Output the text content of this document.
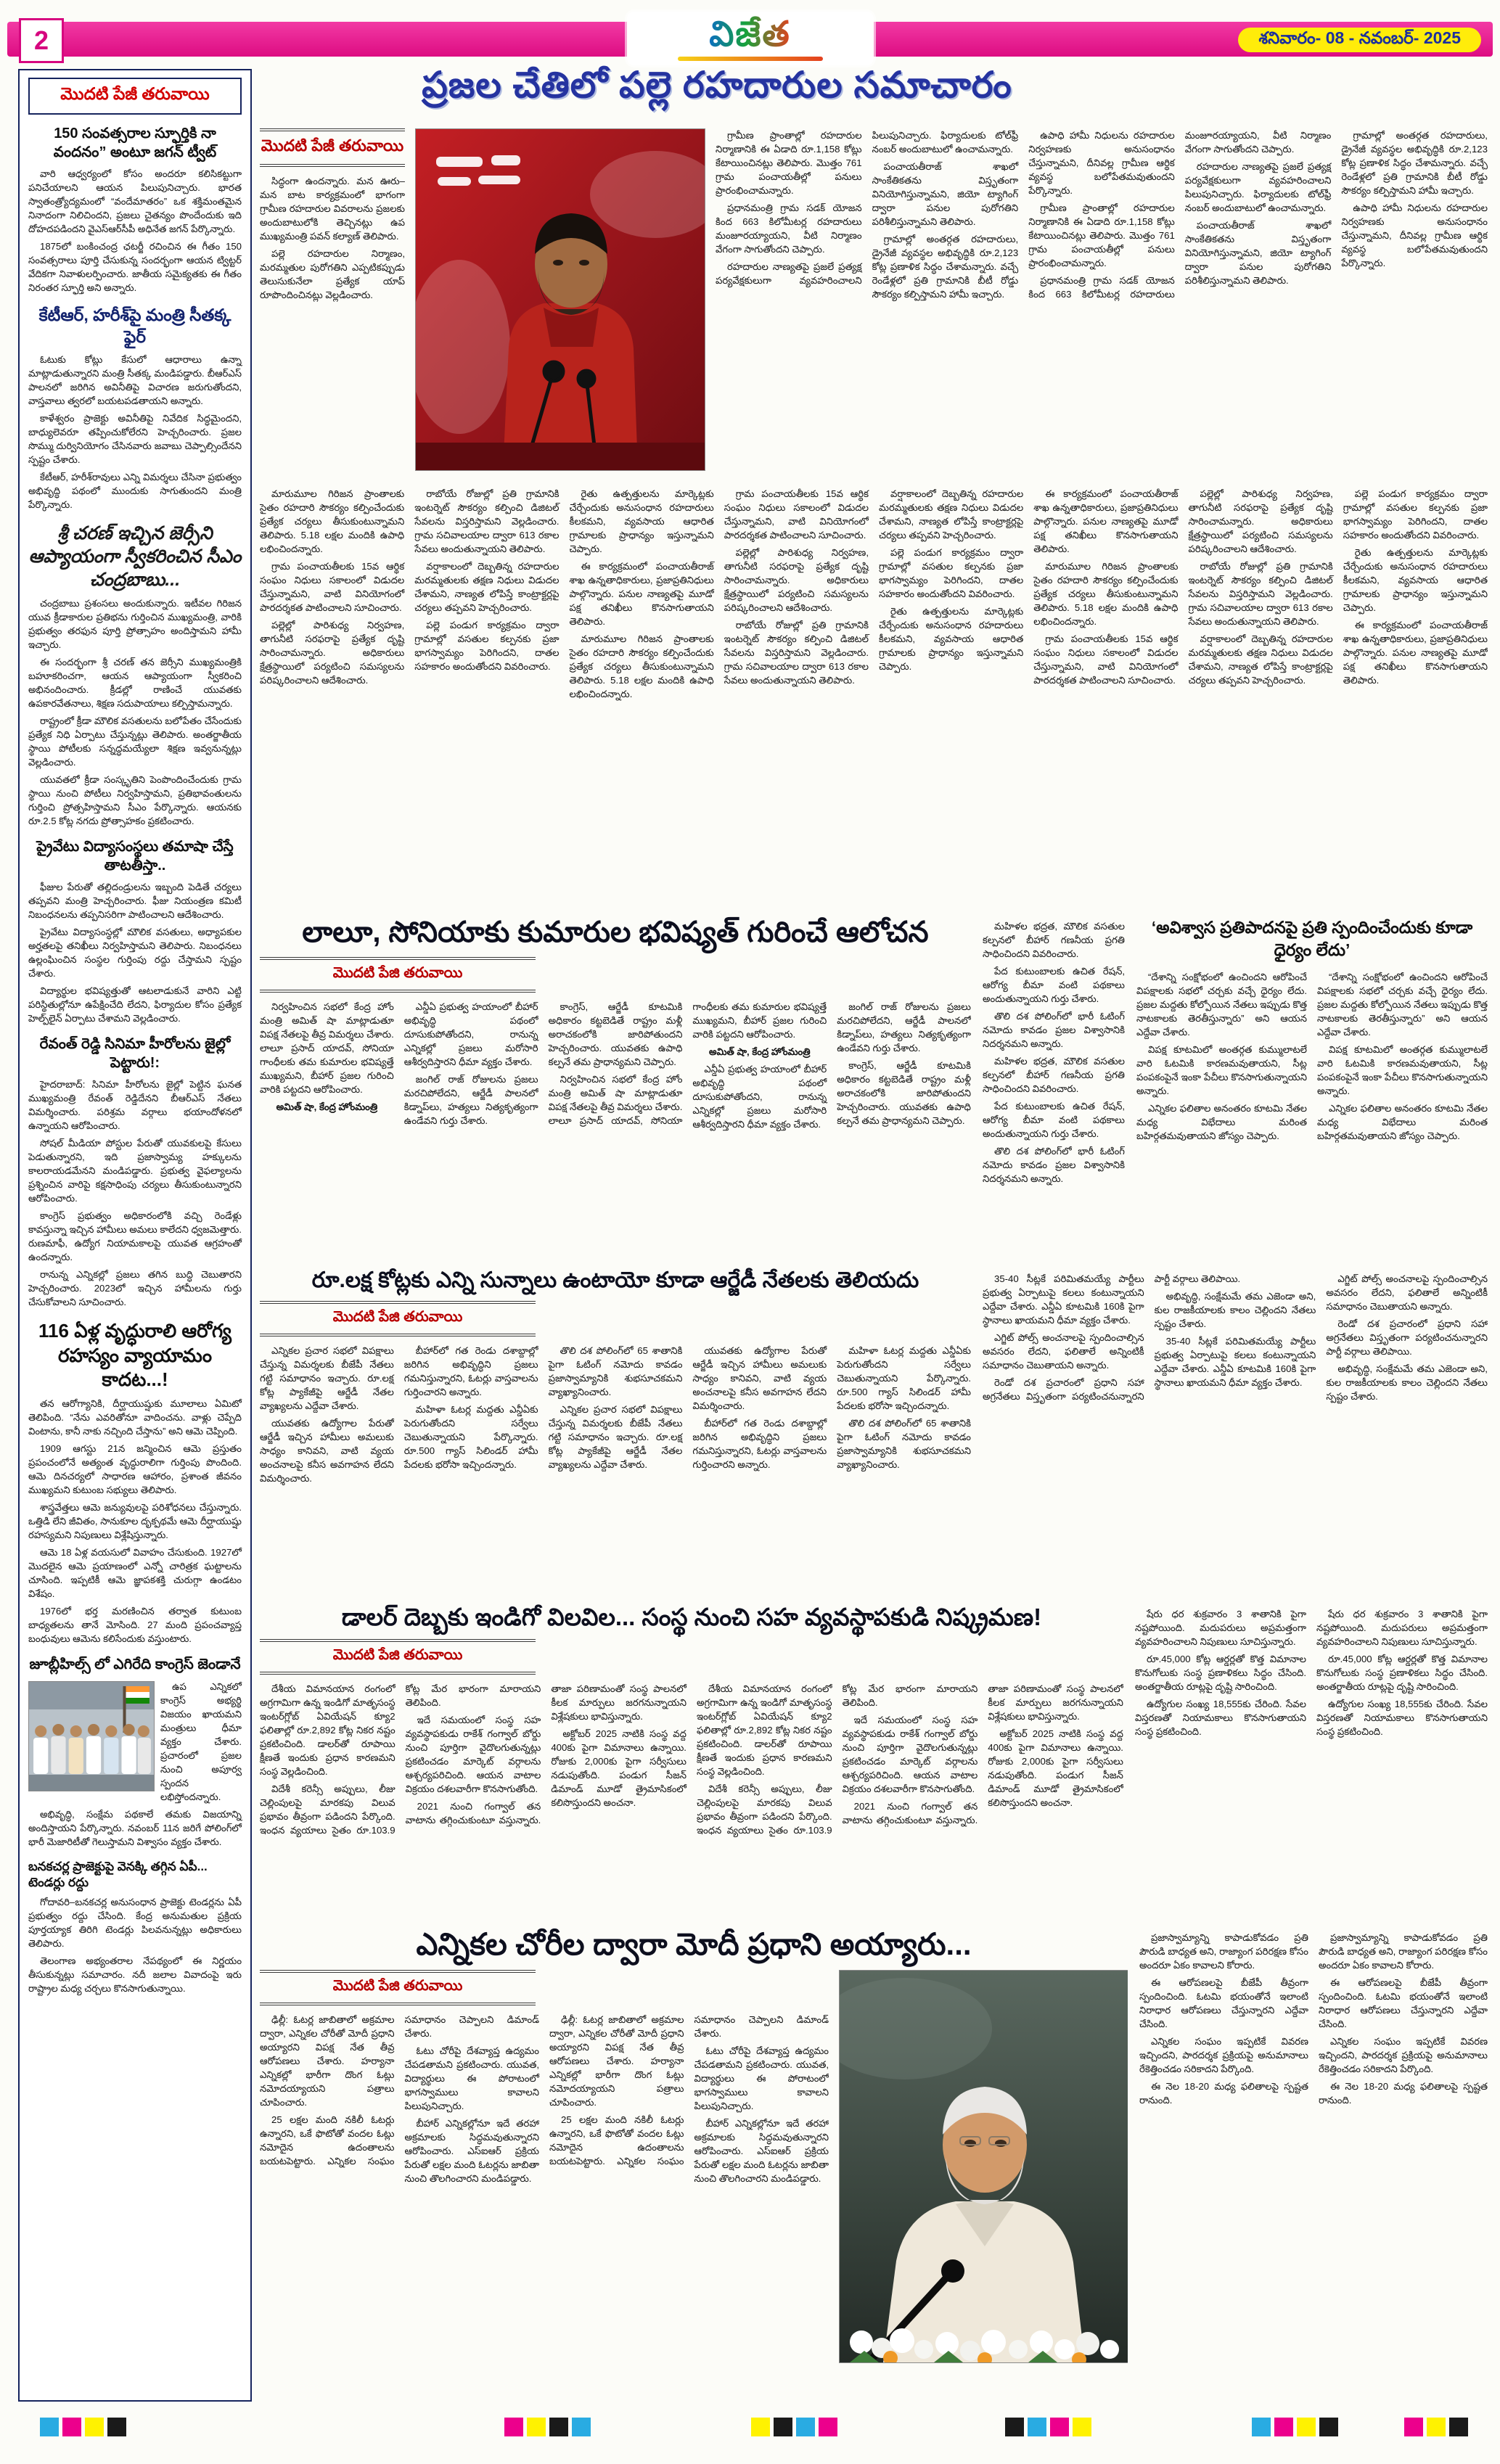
2	విజేత	శనివారం- 08 - నవంబర్- 2025
మొదటి పేజీ తరువాయి
150 సంవత్సరాల స్ఫూర్తికి నా వందనం” అంటూ జగన్ ట్వీట్

వారి ఆధ్వర్యంలో కోసం అందరూ కలిసికట్టుగా పనిచేయాలని ఆయన పిలుపునిచ్చారు. భారత స్వాతంత్ర్యోద్యమంలో “వందేమాతరం” ఒక శక్తిమంతమైన నినాదంగా నిలిచిందని, ప్రజలు చైతన్యం పొందేందుకు ఇది దోహదపడిందని వైఎస్ఆర్‌సీపీ అధినేత జగన్ పేర్కొన్నారు.

1875లో బంకించంద్ర ఛటర్జీ రచించిన ఈ గీతం 150 సంవత్సరాలు పూర్తి చేసుకున్న సందర్భంగా ఆయన ట్విట్టర్ వేదికగా నివాళులర్పించారు. జాతీయ సమైక్యతకు ఈ గీతం నిరంతర స్ఫూర్తి అని అన్నారు.

కేటీఆర్, హరీశ్‌పై మంత్రి సీతక్క ఫైర్

ఓటుకు కోట్లు కేసులో ఆధారాలు ఉన్నా మాట్లాడుతున్నారని మంత్రి సీతక్క మండిపడ్డారు. బీఆర్ఎస్ పాలనలో జరిగిన అవినీతిపై విచారణ జరుగుతోందని, వాస్తవాలు త్వరలో బయటపడతాయని అన్నారు.

కాళేశ్వరం ప్రాజెక్టు అవినీతిపై నివేదిక సిద్ధమైందని, బాధ్యులెవరూ తప్పించుకోలేరని హెచ్చరించారు. ప్రజల సొమ్ము దుర్వినియోగం చేసినవారు జవాబు చెప్పాల్సిందేనని స్పష్టం చేశారు.

కేటీఆర్, హరీశ్‌రావులు ఎన్ని విమర్శలు చేసినా ప్రభుత్వం అభివృద్ధి పథంలో ముందుకు సాగుతుందని మంత్రి పేర్కొన్నారు.

శ్రీ చరణ్ ఇచ్చిన జెర్సీని ఆప్యాయంగా స్వీకరించిన సీఎం చంద్రబాబు...

చంద్రబాబు ప్రశంసలు అందుకున్నారు. ఇటీవల గిరిజన యువ క్రీడాకారుల ప్రతిభను గుర్తించిన ముఖ్యమంత్రి, వారికి ప్రభుత్వం తరఫున పూర్తి ప్రోత్సాహం అందిస్తామని హామీ ఇచ్చారు.

ఈ సందర్భంగా శ్రీ చరణ్ తన జెర్సీని ముఖ్యమంత్రికి బహూకరించగా, ఆయన ఆప్యాయంగా స్వీకరించి అభినందించారు. క్రీడల్లో రాణించే యువతకు ఉపకారవేతనాలు, శిక్షణ సదుపాయాలు కల్పిస్తామన్నారు.

రాష్ట్రంలో క్రీడా మౌలిక వసతులను బలోపేతం చేసేందుకు ప్రత్యేక నిధి ఏర్పాటు చేస్తున్నట్లు తెలిపారు. అంతర్జాతీయ స్థాయి పోటీలకు సన్నద్ధమయ్యేలా శిక్షణ ఇవ్వనున్నట్లు వెల్లడించారు.

యువతలో క్రీడా సంస్కృతిని పెంపొందించేందుకు గ్రామ స్థాయి నుంచి పోటీలు నిర్వహిస్తామని, ప్రతిభావంతులను గుర్తించి ప్రోత్సహిస్తామని సీఎం పేర్కొన్నారు. ఆయనకు రూ.2.5 కోట్ల నగదు ప్రోత్సాహకం ప్రకటించారు.

ప్రైవేటు విద్యాసంస్థలు తమాషా చేస్తే తాటతీస్తా..

ఫీజుల పేరుతో తల్లిదండ్రులను ఇబ్బంది పెడితే చర్యలు తప్పవని మంత్రి హెచ్చరించారు. ఫీజు నియంత్రణ కమిటీ నిబంధనలను తప్పనిసరిగా పాటించాలని ఆదేశించారు.

ప్రైవేటు విద్యాసంస్థల్లో మౌలిక వసతులు, అధ్యాపకుల అర్హతలపై తనిఖీలు నిర్వహిస్తామని తెలిపారు. నిబంధనలు ఉల్లంఘించిన సంస్థల గుర్తింపు రద్దు చేస్తామని స్పష్టం చేశారు.

విద్యార్థుల భవిష్యత్తుతో ఆటలాడుకునే వారిని ఎట్టి పరిస్థితుల్లోనూ ఉపేక్షించేది లేదని, ఫిర్యాదుల కోసం ప్రత్యేక హెల్ప్‌లైన్ ఏర్పాటు చేశామని వెల్లడించారు.

రేవంత్ రెడ్డి సినిమా హీరోలను జైల్లో పెట్టారు!:

హైదరాబాద్: సినిమా హీరోలను జైల్లో పెట్టిన ఘనత ముఖ్యమంత్రి రేవంత్ రెడ్డిదేనని బీఆర్ఎస్ నేతలు విమర్శించారు. పరిశ్రమ వర్గాలు భయాందోళనలో ఉన్నాయని ఆరోపించారు.

సోషల్ మీడియా పోస్టుల పేరుతో యువకులపై కేసులు పెడుతున్నారని, ఇది ప్రజాస్వామ్య హక్కులను కాలరాయడమేనని మండిపడ్డారు. ప్రభుత్వ వైఫల్యాలను ప్రశ్నించిన వారిపై కక్షసాధింపు చర్యలు తీసుకుంటున్నారని ఆరోపించారు.

కాంగ్రెస్ ప్రభుత్వం అధికారంలోకి వచ్చి రెండేళ్లు కావస్తున్నా ఇచ్చిన హామీలు అమలు కాలేదని ధ్వజమెత్తారు. రుణమాఫీ, ఉద్యోగ నియామకాలపై యువత ఆగ్రహంతో ఉందన్నారు.

రానున్న ఎన్నికల్లో ప్రజలు తగిన బుద్ధి చెబుతారని హెచ్చరించారు. 2023లో ఇచ్చిన హామీలను గుర్తు చేసుకోవాలని సూచించారు.

116 ఏళ్ల వృద్ధురాలి ఆరోగ్య రహస్యం వ్యాయామం కాదట...!

తన ఆరోగ్యానికి, దీర్ఘాయుష్షుకు మూలాలు ఏమిటో తెలిపింది. “నేను ఎవరితోనూ వాదించను. వాళ్లు చెప్పేది వింటాను, కానీ నాకు నచ్చింది చేస్తాను” అని ఆమె చెప్పింది.

1909 ఆగస్టు 21న జన్మించిన ఆమె ప్రస్తుతం ప్రపంచంలోనే అత్యంత వృద్ధురాలిగా గుర్తింపు పొందింది. ఆమె దినచర్యలో సాధారణ ఆహారం, ప్రశాంత జీవనం ముఖ్యమని కుటుంబ సభ్యులు తెలిపారు.

శాస్త్రవేత్తలు ఆమె జన్యువులపై పరిశోధనలు చేస్తున్నారు. ఒత్తిడి లేని జీవితం, సానుకూల దృక్పథమే ఆమె దీర్ఘాయుష్షు రహస్యమని నిపుణులు విశ్లేషిస్తున్నారు.

ఆమె 18 ఏళ్ల వయసులో వివాహం చేసుకుంది. 1927లో మొదలైన ఆమె ప్రయాణంలో ఎన్నో చారిత్రక ఘట్టాలను చూసింది. ఇప్పటికీ ఆమె జ్ఞాపకశక్తి చురుగ్గా ఉండటం విశేషం.

1976లో భర్త మరణించిన తర్వాత కుటుంబ బాధ్యతలను తానే మోసింది. 27 మంది ప్రపంచవ్యాప్త బంధువులు ఆమెను కలిసేందుకు వస్తుంటారు.

జూబ్లీహిల్స్ లో ఎగిరేది కాంగ్రెస్ జెండానే

ఉప ఎన్నికలో కాంగ్రెస్ అభ్యర్థి విజయం ఖాయమని మంత్రులు ధీమా వ్యక్తం చేశారు. ప్రచారంలో ప్రజల నుంచి అపూర్వ స్పందన లభిస్తోందన్నారు.

అభివృద్ధి, సంక్షేమ పథకాలే తమకు విజయాన్ని అందిస్తాయని పేర్కొన్నారు. నవంబర్ 11న జరిగే పోలింగ్‌లో భారీ మెజారిటీతో గెలుస్తామని విశ్వాసం వ్యక్తం చేశారు.

బనకచర్ల ప్రాజెక్టుపై వెనక్కి తగ్గిన ఏపీ... టెండర్లు రద్దు

గోదావరి–బనకచర్ల అనుసంధాన ప్రాజెక్టు టెండర్లను ఏపీ ప్రభుత్వం రద్దు చేసింది. కేంద్ర అనుమతుల ప్రక్రియ పూర్తయ్యాక తిరిగి టెండర్లు పిలవనున్నట్లు అధికారులు తెలిపారు.

తెలంగాణ అభ్యంతరాల నేపథ్యంలో ఈ నిర్ణయం తీసుకున్నట్లు సమాచారం. నదీ జలాల వివాదంపై ఇరు రాష్ట్రాల మధ్య చర్చలు కొనసాగుతున్నాయి.

ప్రజల చేతిలో పల్లె రహదారుల సమాచారం
మొదటి పేజీ తరువాయి

సిద్ధంగా ఉందన్నారు. మన ఊరు–మన బాట కార్యక్రమంలో భాగంగా గ్రామీణ రహదారుల వివరాలను ప్రజలకు అందుబాటులోకి తెచ్చినట్లు ఉప ముఖ్యమంత్రి పవన్ కల్యాణ్ తెలిపారు.

పల్లె రహదారుల నిర్మాణం, మరమ్మతుల పురోగతిని ఎప్పటికప్పుడు తెలుసుకునేలా ప్రత్యేక యాప్ రూపొందించినట్లు వెల్లడించారు.

గ్రామీణ ప్రాంతాల్లో రహదారుల నిర్మాణానికి ఈ ఏడాది రూ.1,158 కోట్లు కేటాయించినట్లు తెలిపారు. మొత్తం 761 గ్రామ పంచాయతీల్లో పనులు ప్రారంభించామన్నారు.

ప్రధానమంత్రి గ్రామ సడక్ యోజన కింద 663 కిలోమీటర్ల రహదారులు మంజూరయ్యాయని, వీటి నిర్మాణం వేగంగా సాగుతోందని చెప్పారు.

రహదారుల నాణ్యతపై ప్రజలే ప్రత్యక్ష పర్యవేక్షకులుగా వ్యవహరించాలని పిలుపునిచ్చారు. ఫిర్యాదులకు టోల్‌ఫ్రీ నంబర్ అందుబాటులో ఉంచామన్నారు.

పంచాయతీరాజ్ శాఖలో సాంకేతికతను విస్తృతంగా వినియోగిస్తున్నామని, జియో ట్యాగింగ్ ద్వారా పనుల పురోగతిని పరిశీలిస్తున్నామని తెలిపారు.

గ్రామాల్లో అంతర్గత రహదారులు, డ్రైనేజీ వ్యవస్థల అభివృద్ధికి రూ.2,123 కోట్ల ప్రణాళిక సిద్ధం చేశామన్నారు. వచ్చే రెండేళ్లలో ప్రతి గ్రామానికి బీటీ రోడ్డు సౌకర్యం కల్పిస్తామని హామీ ఇచ్చారు.

ఉపాధి హామీ నిధులను రహదారుల నిర్వహణకు అనుసంధానం చేస్తున్నామని, దీనివల్ల గ్రామీణ ఆర్థిక వ్యవస్థ బలోపేతమవుతుందని పేర్కొన్నారు.

గ్రామీణ ప్రాంతాల్లో రహదారుల నిర్మాణానికి ఈ ఏడాది రూ.1,158 కోట్లు కేటాయించినట్లు తెలిపారు. మొత్తం 761 గ్రామ పంచాయతీల్లో పనులు ప్రారంభించామన్నారు.

ప్రధానమంత్రి గ్రామ సడక్ యోజన కింద 663 కిలోమీటర్ల రహదారులు మంజూరయ్యాయని, వీటి నిర్మాణం వేగంగా సాగుతోందని చెప్పారు.

రహదారుల నాణ్యతపై ప్రజలే ప్రత్యక్ష పర్యవేక్షకులుగా వ్యవహరించాలని పిలుపునిచ్చారు. ఫిర్యాదులకు టోల్‌ఫ్రీ నంబర్ అందుబాటులో ఉంచామన్నారు.

పంచాయతీరాజ్ శాఖలో సాంకేతికతను విస్తృతంగా వినియోగిస్తున్నామని, జియో ట్యాగింగ్ ద్వారా పనుల పురోగతిని పరిశీలిస్తున్నామని తెలిపారు.

గ్రామాల్లో అంతర్గత రహదారులు, డ్రైనేజీ వ్యవస్థల అభివృద్ధికి రూ.2,123 కోట్ల ప్రణాళిక సిద్ధం చేశామన్నారు. వచ్చే రెండేళ్లలో ప్రతి గ్రామానికి బీటీ రోడ్డు సౌకర్యం కల్పిస్తామని హామీ ఇచ్చారు.

ఉపాధి హామీ నిధులను రహదారుల నిర్వహణకు అనుసంధానం చేస్తున్నామని, దీనివల్ల గ్రామీణ ఆర్థిక వ్యవస్థ బలోపేతమవుతుందని పేర్కొన్నారు.

మారుమూల గిరిజన ప్రాంతాలకు సైతం రహదారి సౌకర్యం కల్పించేందుకు ప్రత్యేక చర్యలు తీసుకుంటున్నామని తెలిపారు. 5.18 లక్షల మందికి ఉపాధి లభించిందన్నారు.

గ్రామ పంచాయతీలకు 15వ ఆర్థిక సంఘం నిధులు సకాలంలో విడుదల చేస్తున్నామని, వాటి వినియోగంలో పారదర్శకత పాటించాలని సూచించారు.

పల్లెల్లో పారిశుధ్య నిర్వహణ, తాగునీటి సరఫరాపై ప్రత్యేక దృష్టి సారించామన్నారు. అధికారులు క్షేత్రస్థాయిలో పర్యటించి సమస్యలను పరిష్కరించాలని ఆదేశించారు.

రాబోయే రోజుల్లో ప్రతి గ్రామానికి ఇంటర్నెట్ సౌకర్యం కల్పించి డిజిటల్ సేవలను విస్తరిస్తామని వెల్లడించారు. గ్రామ సచివాలయాల ద్వారా 613 రకాల సేవలు అందుతున్నాయని తెలిపారు.

వర్షాకాలంలో దెబ్బతిన్న రహదారుల మరమ్మతులకు తక్షణ నిధులు విడుదల చేశామని, నాణ్యత లోపిస్తే కాంట్రాక్టర్లపై చర్యలు తప్పవని హెచ్చరించారు.

పల్లె పండుగ కార్యక్రమం ద్వారా గ్రామాల్లో వసతుల కల్పనకు ప్రజా భాగస్వామ్యం పెరిగిందని, దాతల సహకారం అందుతోందని వివరించారు.

రైతు ఉత్పత్తులను మార్కెట్లకు చేర్చేందుకు అనుసంధాన రహదారులు కీలకమని, వ్యవసాయ ఆధారిత గ్రామాలకు ప్రాధాన్యం ఇస్తున్నామని చెప్పారు.

ఈ కార్యక్రమంలో పంచాయతీరాజ్ శాఖ ఉన్నతాధికారులు, ప్రజాప్రతినిధులు పాల్గొన్నారు. పనుల నాణ్యతపై మూడో పక్ష తనిఖీలు కొనసాగుతాయని తెలిపారు.

మారుమూల గిరిజన ప్రాంతాలకు సైతం రహదారి సౌకర్యం కల్పించేందుకు ప్రత్యేక చర్యలు తీసుకుంటున్నామని తెలిపారు. 5.18 లక్షల మందికి ఉపాధి లభించిందన్నారు.

గ్రామ పంచాయతీలకు 15వ ఆర్థిక సంఘం నిధులు సకాలంలో విడుదల చేస్తున్నామని, వాటి వినియోగంలో పారదర్శకత పాటించాలని సూచించారు.

పల్లెల్లో పారిశుధ్య నిర్వహణ, తాగునీటి సరఫరాపై ప్రత్యేక దృష్టి సారించామన్నారు. అధికారులు క్షేత్రస్థాయిలో పర్యటించి సమస్యలను పరిష్కరించాలని ఆదేశించారు.

రాబోయే రోజుల్లో ప్రతి గ్రామానికి ఇంటర్నెట్ సౌకర్యం కల్పించి డిజిటల్ సేవలను విస్తరిస్తామని వెల్లడించారు. గ్రామ సచివాలయాల ద్వారా 613 రకాల సేవలు అందుతున్నాయని తెలిపారు.

వర్షాకాలంలో దెబ్బతిన్న రహదారుల మరమ్మతులకు తక్షణ నిధులు విడుదల చేశామని, నాణ్యత లోపిస్తే కాంట్రాక్టర్లపై చర్యలు తప్పవని హెచ్చరించారు.

పల్లె పండుగ కార్యక్రమం ద్వారా గ్రామాల్లో వసతుల కల్పనకు ప్రజా భాగస్వామ్యం పెరిగిందని, దాతల సహకారం అందుతోందని వివరించారు.

రైతు ఉత్పత్తులను మార్కెట్లకు చేర్చేందుకు అనుసంధాన రహదారులు కీలకమని, వ్యవసాయ ఆధారిత గ్రామాలకు ప్రాధాన్యం ఇస్తున్నామని చెప్పారు.

ఈ కార్యక్రమంలో పంచాయతీరాజ్ శాఖ ఉన్నతాధికారులు, ప్రజాప్రతినిధులు పాల్గొన్నారు. పనుల నాణ్యతపై మూడో పక్ష తనిఖీలు కొనసాగుతాయని తెలిపారు.

మారుమూల గిరిజన ప్రాంతాలకు సైతం రహదారి సౌకర్యం కల్పించేందుకు ప్రత్యేక చర్యలు తీసుకుంటున్నామని తెలిపారు. 5.18 లక్షల మందికి ఉపాధి లభించిందన్నారు.

గ్రామ పంచాయతీలకు 15వ ఆర్థిక సంఘం నిధులు సకాలంలో విడుదల చేస్తున్నామని, వాటి వినియోగంలో పారదర్శకత పాటించాలని సూచించారు.

పల్లెల్లో పారిశుధ్య నిర్వహణ, తాగునీటి సరఫరాపై ప్రత్యేక దృష్టి సారించామన్నారు. అధికారులు క్షేత్రస్థాయిలో పర్యటించి సమస్యలను పరిష్కరించాలని ఆదేశించారు.

రాబోయే రోజుల్లో ప్రతి గ్రామానికి ఇంటర్నెట్ సౌకర్యం కల్పించి డిజిటల్ సేవలను విస్తరిస్తామని వెల్లడించారు. గ్రామ సచివాలయాల ద్వారా 613 రకాల సేవలు అందుతున్నాయని తెలిపారు.

వర్షాకాలంలో దెబ్బతిన్న రహదారుల మరమ్మతులకు తక్షణ నిధులు విడుదల చేశామని, నాణ్యత లోపిస్తే కాంట్రాక్టర్లపై చర్యలు తప్పవని హెచ్చరించారు.

పల్లె పండుగ కార్యక్రమం ద్వారా గ్రామాల్లో వసతుల కల్పనకు ప్రజా భాగస్వామ్యం పెరిగిందని, దాతల సహకారం అందుతోందని వివరించారు.

రైతు ఉత్పత్తులను మార్కెట్లకు చేర్చేందుకు అనుసంధాన రహదారులు కీలకమని, వ్యవసాయ ఆధారిత గ్రామాలకు ప్రాధాన్యం ఇస్తున్నామని చెప్పారు.

ఈ కార్యక్రమంలో పంచాయతీరాజ్ శాఖ ఉన్నతాధికారులు, ప్రజాప్రతినిధులు పాల్గొన్నారు. పనుల నాణ్యతపై మూడో పక్ష తనిఖీలు కొనసాగుతాయని తెలిపారు.

లాలూ, సోనియాకు కుమారుల భవిష్యత్ గురించే ఆలోచన
మొదటి పేజి తరువాయి

నిర్వహించిన సభలో కేంద్ర హోం మంత్రి అమిత్ షా మాట్లాడుతూ విపక్ష నేతలపై తీవ్ర విమర్శలు చేశారు. లాలూ ప్రసాద్ యాదవ్, సోనియా గాంధీలకు తమ కుమారుల భవిష్యత్తే ముఖ్యమని, బీహార్ ప్రజల గురించి వారికి పట్టదని ఆరోపించారు.

అమిత్ షా, కేంద్ర హోంమంత్రి

ఎన్డీఏ ప్రభుత్వ హయాంలో బీహార్ అభివృద్ధి పథంలో దూసుకుపోతోందని, రానున్న ఎన్నికల్లో ప్రజలు మరోసారి ఆశీర్వదిస్తారని ధీమా వ్యక్తం చేశారు.

జంగిల్ రాజ్ రోజులను ప్రజలు మరచిపోలేదని, ఆర్జేడీ పాలనలో కిడ్నాప్‌లు, హత్యలు నిత్యకృత్యంగా ఉండేవని గుర్తు చేశారు.

కాంగ్రెస్, ఆర్జేడీ కూటమికి అధికారం కట్టబెడితే రాష్ట్రం మళ్లీ అరాచకంలోకి జారిపోతుందని హెచ్చరించారు. యువతకు ఉపాధి కల్పనే తమ ప్రాధాన్యమని చెప్పారు.

నిర్వహించిన సభలో కేంద్ర హోం మంత్రి అమిత్ షా మాట్లాడుతూ విపక్ష నేతలపై తీవ్ర విమర్శలు చేశారు. లాలూ ప్రసాద్ యాదవ్, సోనియా గాంధీలకు తమ కుమారుల భవిష్యత్తే ముఖ్యమని, బీహార్ ప్రజల గురించి వారికి పట్టదని ఆరోపించారు.

అమిత్ షా, కేంద్ర హోంమంత్రి

ఎన్డీఏ ప్రభుత్వ హయాంలో బీహార్ అభివృద్ధి పథంలో దూసుకుపోతోందని, రానున్న ఎన్నికల్లో ప్రజలు మరోసారి ఆశీర్వదిస్తారని ధీమా వ్యక్తం చేశారు.

జంగిల్ రాజ్ రోజులను ప్రజలు మరచిపోలేదని, ఆర్జేడీ పాలనలో కిడ్నాప్‌లు, హత్యలు నిత్యకృత్యంగా ఉండేవని గుర్తు చేశారు.

కాంగ్రెస్, ఆర్జేడీ కూటమికి అధికారం కట్టబెడితే రాష్ట్రం మళ్లీ అరాచకంలోకి జారిపోతుందని హెచ్చరించారు. యువతకు ఉపాధి కల్పనే తమ ప్రాధాన్యమని చెప్పారు.

మహిళల భద్రత, మౌలిక వసతుల కల్పనలో బీహార్ గణనీయ ప్రగతి సాధించిందని వివరించారు.

పేద కుటుంబాలకు ఉచిత రేషన్, ఆరోగ్య బీమా వంటి పథకాలు అందుతున్నాయని గుర్తు చేశారు.

తొలి దశ పోలింగ్‌లో భారీ ఓటింగ్ నమోదు కావడం ప్రజల విశ్వాసానికి నిదర్శనమని అన్నారు.

మహిళల భద్రత, మౌలిక వసతుల కల్పనలో బీహార్ గణనీయ ప్రగతి సాధించిందని వివరించారు.

పేద కుటుంబాలకు ఉచిత రేషన్, ఆరోగ్య బీమా వంటి పథకాలు అందుతున్నాయని గుర్తు చేశారు.

తొలి దశ పోలింగ్‌లో భారీ ఓటింగ్ నమోదు కావడం ప్రజల విశ్వాసానికి నిదర్శనమని అన్నారు.

‘అవిశ్వాస ప్రతిపాదనపై ప్రతి స్పందించేందుకు కూడా ధైర్యం లేదు’

“దేశాన్ని సంక్షోభంలో ఉంచిందని ఆరోపించే విపక్షాలకు సభలో చర్చకు వచ్చే ధైర్యం లేదు. ప్రజల మద్దతు కోల్పోయిన నేతలు ఇప్పుడు కొత్త నాటకాలకు తెరతీస్తున్నారు” అని ఆయన ఎద్దేవా చేశారు.

విపక్ష కూటమిలో అంతర్గత కుమ్ములాటలే వారి ఓటమికి కారణమవుతాయని, సీట్ల పంపకంపైనే ఇంకా పేచీలు కొనసాగుతున్నాయని అన్నారు.

ఎన్నికల ఫలితాల అనంతరం కూటమి నేతల మధ్య విభేదాలు మరింత బహిర్గతమవుతాయని జోస్యం చెప్పారు.

“దేశాన్ని సంక్షోభంలో ఉంచిందని ఆరోపించే విపక్షాలకు సభలో చర్చకు వచ్చే ధైర్యం లేదు. ప్రజల మద్దతు కోల్పోయిన నేతలు ఇప్పుడు కొత్త నాటకాలకు తెరతీస్తున్నారు” అని ఆయన ఎద్దేవా చేశారు.

విపక్ష కూటమిలో అంతర్గత కుమ్ములాటలే వారి ఓటమికి కారణమవుతాయని, సీట్ల పంపకంపైనే ఇంకా పేచీలు కొనసాగుతున్నాయని అన్నారు.

ఎన్నికల ఫలితాల అనంతరం కూటమి నేతల మధ్య విభేదాలు మరింత బహిర్గతమవుతాయని జోస్యం చెప్పారు.

రూ.లక్ష కోట్లకు ఎన్ని సున్నాలు ఉంటాయో కూడా ఆర్జేడీ నేతలకు తెలియదు
మొదటి పేజి తరువాయి

ఎన్నికల ప్రచార సభలో విపక్షాలు చేస్తున్న విమర్శలకు బీజేపీ నేతలు గట్టి సమాధానం ఇచ్చారు. రూ.లక్ష కోట్ల ప్యాకేజీపై ఆర్జేడీ నేతల వ్యాఖ్యలను ఎద్దేవా చేశారు.

యువతకు ఉద్యోగాల పేరుతో ఆర్జేడీ ఇచ్చిన హామీలు అమలుకు సాధ్యం కానివని, వాటి వ్యయ అంచనాలపై కనీస అవగాహన లేదని విమర్శించారు.

బీహార్‌లో గత రెండు దశాబ్దాల్లో జరిగిన అభివృద్ధిని ప్రజలు గమనిస్తున్నారని, ఓటర్లు వాస్తవాలను గుర్తించారని అన్నారు.

మహిళా ఓటర్ల మద్దతు ఎన్డీఏకు పెరుగుతోందని సర్వేలు చెబుతున్నాయని పేర్కొన్నారు. రూ.500 గ్యాస్ సిలిండర్ హామీ పేదలకు భరోసా ఇచ్చిందన్నారు.

తొలి దశ పోలింగ్‌లో 65 శాతానికి పైగా ఓటింగ్ నమోదు కావడం ప్రజాస్వామ్యానికి శుభసూచకమని వ్యాఖ్యానించారు.

ఎన్నికల ప్రచార సభలో విపక్షాలు చేస్తున్న విమర్శలకు బీజేపీ నేతలు గట్టి సమాధానం ఇచ్చారు. రూ.లక్ష కోట్ల ప్యాకేజీపై ఆర్జేడీ నేతల వ్యాఖ్యలను ఎద్దేవా చేశారు.

యువతకు ఉద్యోగాల పేరుతో ఆర్జేడీ ఇచ్చిన హామీలు అమలుకు సాధ్యం కానివని, వాటి వ్యయ అంచనాలపై కనీస అవగాహన లేదని విమర్శించారు.

బీహార్‌లో గత రెండు దశాబ్దాల్లో జరిగిన అభివృద్ధిని ప్రజలు గమనిస్తున్నారని, ఓటర్లు వాస్తవాలను గుర్తించారని అన్నారు.

మహిళా ఓటర్ల మద్దతు ఎన్డీఏకు పెరుగుతోందని సర్వేలు చెబుతున్నాయని పేర్కొన్నారు. రూ.500 గ్యాస్ సిలిండర్ హామీ పేదలకు భరోసా ఇచ్చిందన్నారు.

తొలి దశ పోలింగ్‌లో 65 శాతానికి పైగా ఓటింగ్ నమోదు కావడం ప్రజాస్వామ్యానికి శుభసూచకమని వ్యాఖ్యానించారు.

35-40 సీట్లకే పరిమితమయ్యే పార్టీలు ప్రభుత్వ ఏర్పాటుపై కలలు కంటున్నాయని ఎద్దేవా చేశారు. ఎన్డీఏ కూటమికి 160కి పైగా స్థానాలు ఖాయమని ధీమా వ్యక్తం చేశారు.

ఎగ్జిట్ పోల్స్ అంచనాలపై స్పందించాల్సిన అవసరం లేదని, ఫలితాలే అన్నింటికీ సమాధానం చెబుతాయని అన్నారు.

రెండో దశ ప్రచారంలో ప్రధాని సహా అగ్రనేతలు విస్తృతంగా పర్యటించనున్నారని పార్టీ వర్గాలు తెలిపాయి.

అభివృద్ధి, సంక్షేమమే తమ ఎజెండా అని, కుల రాజకీయాలకు కాలం చెల్లిందని నేతలు స్పష్టం చేశారు.

35-40 సీట్లకే పరిమితమయ్యే పార్టీలు ప్రభుత్వ ఏర్పాటుపై కలలు కంటున్నాయని ఎద్దేవా చేశారు. ఎన్డీఏ కూటమికి 160కి పైగా స్థానాలు ఖాయమని ధీమా వ్యక్తం చేశారు.

ఎగ్జిట్ పోల్స్ అంచనాలపై స్పందించాల్సిన అవసరం లేదని, ఫలితాలే అన్నింటికీ సమాధానం చెబుతాయని అన్నారు.

రెండో దశ ప్రచారంలో ప్రధాని సహా అగ్రనేతలు విస్తృతంగా పర్యటించనున్నారని పార్టీ వర్గాలు తెలిపాయి.

అభివృద్ధి, సంక్షేమమే తమ ఎజెండా అని, కుల రాజకీయాలకు కాలం చెల్లిందని నేతలు స్పష్టం చేశారు.

డాలర్ దెబ్బకు ఇండిగో విలవిల... సంస్థ నుంచి సహ వ్యవస్థాపకుడి నిష్క్రమణ!
మొదటి పేజి తరువాయి

దేశీయ విమానయాన రంగంలో అగ్రగామిగా ఉన్న ఇండిగో మాతృసంస్థ ఇంటర్‌గ్లోబ్ ఏవియేషన్ క్యూ2 ఫలితాల్లో రూ.2,892 కోట్ల నికర నష్టం ప్రకటించింది. డాలర్‌తో రూపాయి క్షీణతే ఇందుకు ప్రధాన కారణమని సంస్థ వెల్లడించింది.

విదేశీ కరెన్సీ అప్పులు, లీజు చెల్లింపులపై మారకపు విలువ ప్రభావం తీవ్రంగా పడిందని పేర్కొంది. ఇంధన వ్యయాలు సైతం రూ.103.9 కోట్ల మేర భారంగా మారాయని తెలిపింది.

ఇదే సమయంలో సంస్థ సహ వ్యవస్థాపకుడు రాకేశ్ గంగ్వాల్ బోర్డు నుంచి పూర్తిగా వైదొలగుతున్నట్లు ప్రకటించడం మార్కెట్ వర్గాలను ఆశ్చర్యపరిచింది. ఆయన వాటాల విక్రయం దశలవారీగా కొనసాగుతోంది.

2021 నుంచి గంగ్వాల్ తన వాటాను తగ్గించుకుంటూ వస్తున్నారు. తాజా పరిణామంతో సంస్థ పాలనలో కీలక మార్పులు జరగనున్నాయని విశ్లేషకులు భావిస్తున్నారు.

అక్టోబర్ 2025 నాటికి సంస్థ వద్ద 400కు పైగా విమానాలు ఉన్నాయి. రోజుకు 2,000కు పైగా సర్వీసులు నడుపుతోంది. పండుగ సీజన్ డిమాండ్ మూడో త్రైమాసికంలో కలిసొస్తుందని అంచనా.

దేశీయ విమానయాన రంగంలో అగ్రగామిగా ఉన్న ఇండిగో మాతృసంస్థ ఇంటర్‌గ్లోబ్ ఏవియేషన్ క్యూ2 ఫలితాల్లో రూ.2,892 కోట్ల నికర నష్టం ప్రకటించింది. డాలర్‌తో రూపాయి క్షీణతే ఇందుకు ప్రధాన కారణమని సంస్థ వెల్లడించింది.

విదేశీ కరెన్సీ అప్పులు, లీజు చెల్లింపులపై మారకపు విలువ ప్రభావం తీవ్రంగా పడిందని పేర్కొంది. ఇంధన వ్యయాలు సైతం రూ.103.9 కోట్ల మేర భారంగా మారాయని తెలిపింది.

ఇదే సమయంలో సంస్థ సహ వ్యవస్థాపకుడు రాకేశ్ గంగ్వాల్ బోర్డు నుంచి పూర్తిగా వైదొలగుతున్నట్లు ప్రకటించడం మార్కెట్ వర్గాలను ఆశ్చర్యపరిచింది. ఆయన వాటాల విక్రయం దశలవారీగా కొనసాగుతోంది.

2021 నుంచి గంగ్వాల్ తన వాటాను తగ్గించుకుంటూ వస్తున్నారు. తాజా పరిణామంతో సంస్థ పాలనలో కీలక మార్పులు జరగనున్నాయని విశ్లేషకులు భావిస్తున్నారు.

అక్టోబర్ 2025 నాటికి సంస్థ వద్ద 400కు పైగా విమానాలు ఉన్నాయి. రోజుకు 2,000కు పైగా సర్వీసులు నడుపుతోంది. పండుగ సీజన్ డిమాండ్ మూడో త్రైమాసికంలో కలిసొస్తుందని అంచనా.

షేరు ధర శుక్రవారం 3 శాతానికి పైగా నష్టపోయింది. మదుపరులు అప్రమత్తంగా వ్యవహరించాలని నిపుణులు సూచిస్తున్నారు.

రూ.45,000 కోట్ల ఆర్డర్లతో కొత్త విమానాల కొనుగోలుకు సంస్థ ప్రణాళికలు సిద్ధం చేసింది. అంతర్జాతీయ రూట్లపై దృష్టి సారించింది.

ఉద్యోగుల సంఖ్య 18,555కు చేరింది. సేవల విస్తరణతో నియామకాలు కొనసాగుతాయని సంస్థ ప్రకటించింది.

షేరు ధర శుక్రవారం 3 శాతానికి పైగా నష్టపోయింది. మదుపరులు అప్రమత్తంగా వ్యవహరించాలని నిపుణులు సూచిస్తున్నారు.

రూ.45,000 కోట్ల ఆర్డర్లతో కొత్త విమానాల కొనుగోలుకు సంస్థ ప్రణాళికలు సిద్ధం చేసింది. అంతర్జాతీయ రూట్లపై దృష్టి సారించింది.

ఉద్యోగుల సంఖ్య 18,555కు చేరింది. సేవల విస్తరణతో నియామకాలు కొనసాగుతాయని సంస్థ ప్రకటించింది.

ఎన్నికల చోరీల ద్వారా మోదీ ప్రధాని అయ్యారు...
మొదటి పేజి తరువాయి

ఢిల్లీ: ఓటర్ల జాబితాలో అక్రమాల ద్వారా, ఎన్నికల చోరీతో మోదీ ప్రధాని అయ్యారని విపక్ష నేత తీవ్ర ఆరోపణలు చేశారు. హర్యానా ఎన్నికల్లో భారీగా దొంగ ఓట్లు నమోదయ్యాయని పత్రాలు చూపించారు.

25 లక్షల మంది నకిలీ ఓటర్లు ఉన్నారని, ఒకే ఫొటోతో వందల ఓట్లు నమోదైన ఉదంతాలను బయటపెట్టారు. ఎన్నికల సంఘం సమాధానం చెప్పాలని డిమాండ్ చేశారు.

ఓటు చోరీపై దేశవ్యాప్త ఉద్యమం చేపడతామని ప్రకటించారు. యువత, విద్యార్థులు ఈ పోరాటంలో భాగస్వాములు కావాలని పిలుపునిచ్చారు.

బీహార్ ఎన్నికల్లోనూ ఇదే తరహా అక్రమాలకు సిద్ధమవుతున్నారని ఆరోపించారు. ఎస్ఐఆర్ ప్రక్రియ పేరుతో లక్షల మంది ఓటర్లను జాబితా నుంచి తొలగించారని మండిపడ్డారు.

ఢిల్లీ: ఓటర్ల జాబితాలో అక్రమాల ద్వారా, ఎన్నికల చోరీతో మోదీ ప్రధాని అయ్యారని విపక్ష నేత తీవ్ర ఆరోపణలు చేశారు. హర్యానా ఎన్నికల్లో భారీగా దొంగ ఓట్లు నమోదయ్యాయని పత్రాలు చూపించారు.

25 లక్షల మంది నకిలీ ఓటర్లు ఉన్నారని, ఒకే ఫొటోతో వందల ఓట్లు నమోదైన ఉదంతాలను బయటపెట్టారు. ఎన్నికల సంఘం సమాధానం చెప్పాలని డిమాండ్ చేశారు.

ఓటు చోరీపై దేశవ్యాప్త ఉద్యమం చేపడతామని ప్రకటించారు. యువత, విద్యార్థులు ఈ పోరాటంలో భాగస్వాములు కావాలని పిలుపునిచ్చారు.

బీహార్ ఎన్నికల్లోనూ ఇదే తరహా అక్రమాలకు సిద్ధమవుతున్నారని ఆరోపించారు. ఎస్ఐఆర్ ప్రక్రియ పేరుతో లక్షల మంది ఓటర్లను జాబితా నుంచి తొలగించారని మండిపడ్డారు.

ప్రజాస్వామ్యాన్ని కాపాడుకోవడం ప్రతి పౌరుడి బాధ్యత అని, రాజ్యాంగ పరిరక్షణ కోసం అందరూ ఏకం కావాలని కోరారు.

ఈ ఆరోపణలపై బీజేపీ తీవ్రంగా స్పందించింది. ఓటమి భయంతోనే ఇలాంటి నిరాధార ఆరోపణలు చేస్తున్నారని ఎద్దేవా చేసింది.

ఎన్నికల సంఘం ఇప్పటికే వివరణ ఇచ్చిందని, పారదర్శక ప్రక్రియపై అనుమానాలు రేకెత్తించడం సరికాదని పేర్కొంది.

ఈ నెల 18-20 మధ్య ఫలితాలపై స్పష్టత రానుంది.

ప్రజాస్వామ్యాన్ని కాపాడుకోవడం ప్రతి పౌరుడి బాధ్యత అని, రాజ్యాంగ పరిరక్షణ కోసం అందరూ ఏకం కావాలని కోరారు.

ఈ ఆరోపణలపై బీజేపీ తీవ్రంగా స్పందించింది. ఓటమి భయంతోనే ఇలాంటి నిరాధార ఆరోపణలు చేస్తున్నారని ఎద్దేవా చేసింది.

ఎన్నికల సంఘం ఇప్పటికే వివరణ ఇచ్చిందని, పారదర్శక ప్రక్రియపై అనుమానాలు రేకెత్తించడం సరికాదని పేర్కొంది.

ఈ నెల 18-20 మధ్య ఫలితాలపై స్పష్టత రానుంది.
